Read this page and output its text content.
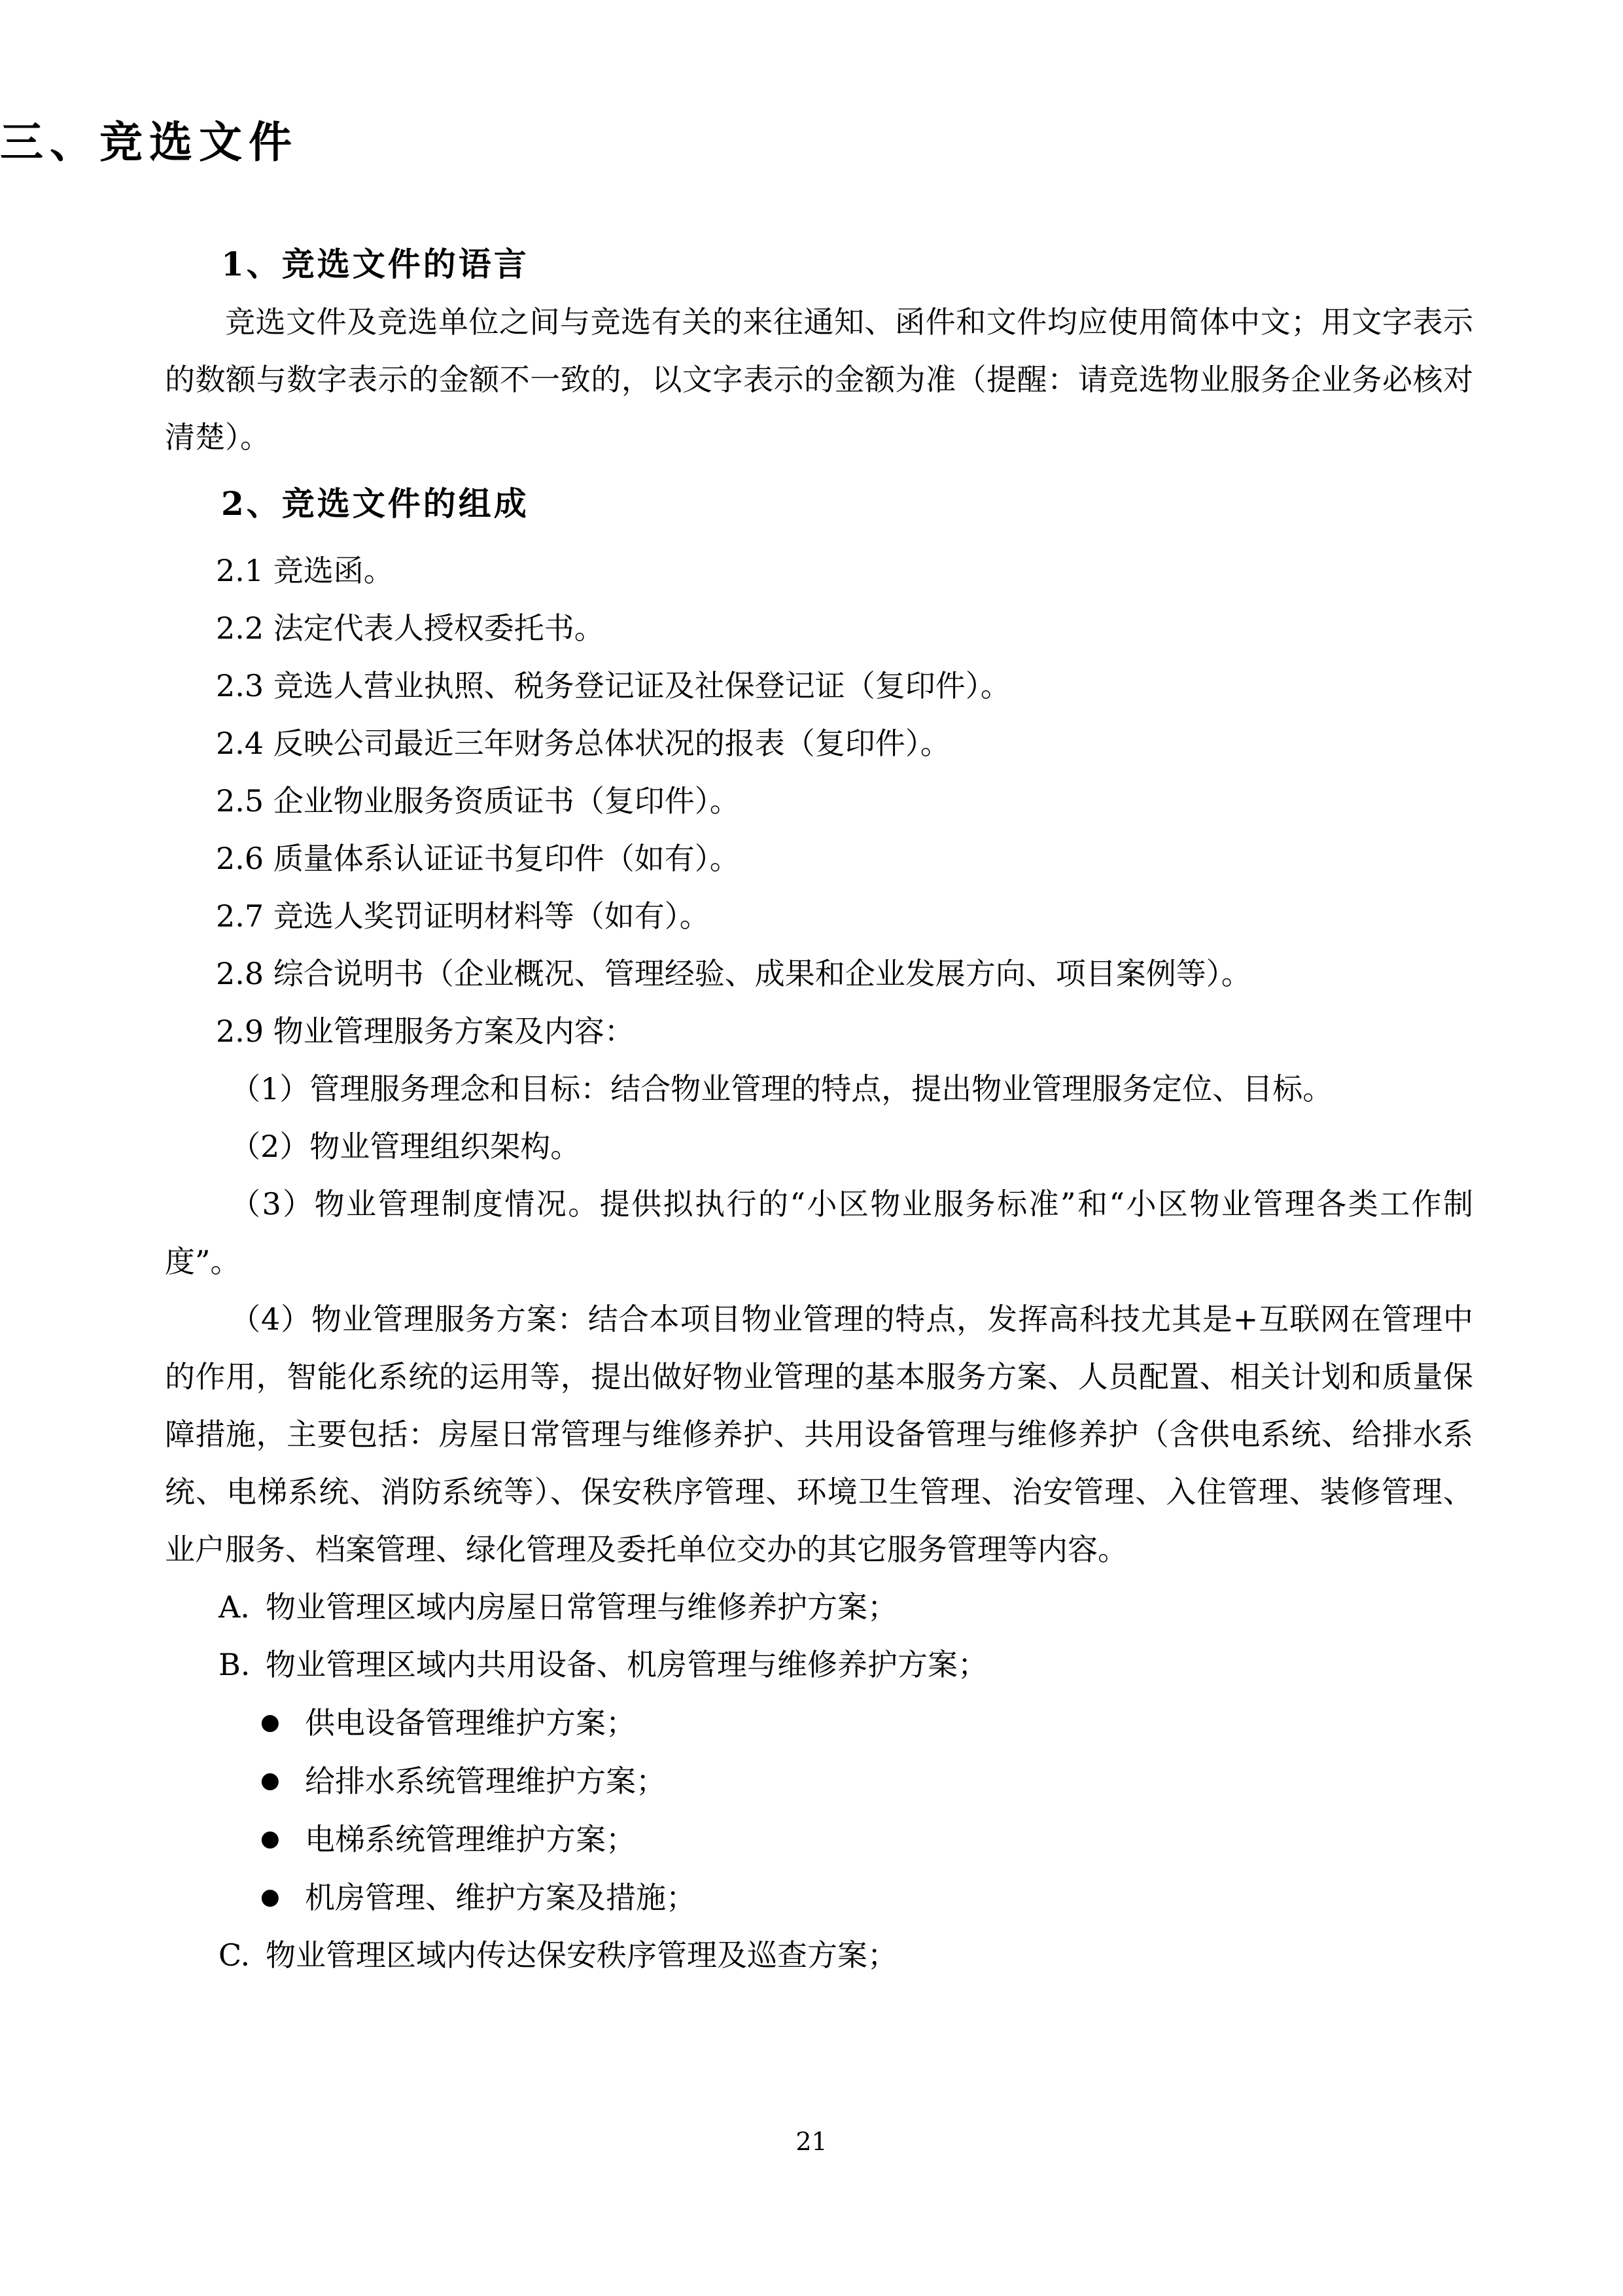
三、竞选文件
1、竞选文件的语言

竞选文件及竞选单位之间与竞选有关的来往通知、函件和文件均应使用简体中文；用文字表示的数额与数字表示的金额不一致的，以文字表示的金额为准（提醒：请竞选物业服务企业务必核对清楚）。

2、竞选文件的组成

2.1 竞选函。

2.2 法定代表人授权委托书。

2.3 竞选人营业执照、税务登记证及社保登记证（复印件）。

2.4 反映公司最近三年财务总体状况的报表（复印件）。

2.5 企业物业服务资质证书（复印件）。

2.6 质量体系认证证书复印件（如有）。

2.7 竞选人奖罚证明材料等（如有）。

2.8 综合说明书（企业概况、管理经验、成果和企业发展方向、项目案例等）。

2.9 物业管理服务方案及内容：

（1）管理服务理念和目标：结合物业管理的特点，提出物业管理服务定位、目标。

（2）物业管理组织架构。

（3）物业管理制度情况。提供拟执行的“小区物业服务标准”和“小区物业管理各类工作制度”。

（4）物业管理服务方案：结合本项目物业管理的特点，发挥高科技尤其是+互联网在管理中的作用，智能化系统的运用等，提出做好物业管理的基本服务方案、人员配置、相关计划和质量保障措施，主要包括：房屋日常管理与维修养护、共用设备管理与维修养护（含供电系统、给排水系统、电梯系统、消防系统等）、保安秩序管理、环境卫生管理、治安管理、入住管理、装修管理、业户服务、档案管理、绿化管理及委托单位交办的其它服务管理等内容。

A. 物业管理区域内房屋日常管理与维修养护方案；

B. 物业管理区域内共用设备、机房管理与维修养护方案；

● 供电设备管理维护方案；

● 给排水系统管理维护方案；

● 电梯系统管理维护方案；

● 机房管理、维护方案及措施；

C. 物业管理区域内传达保安秩序管理及巡查方案；

21
